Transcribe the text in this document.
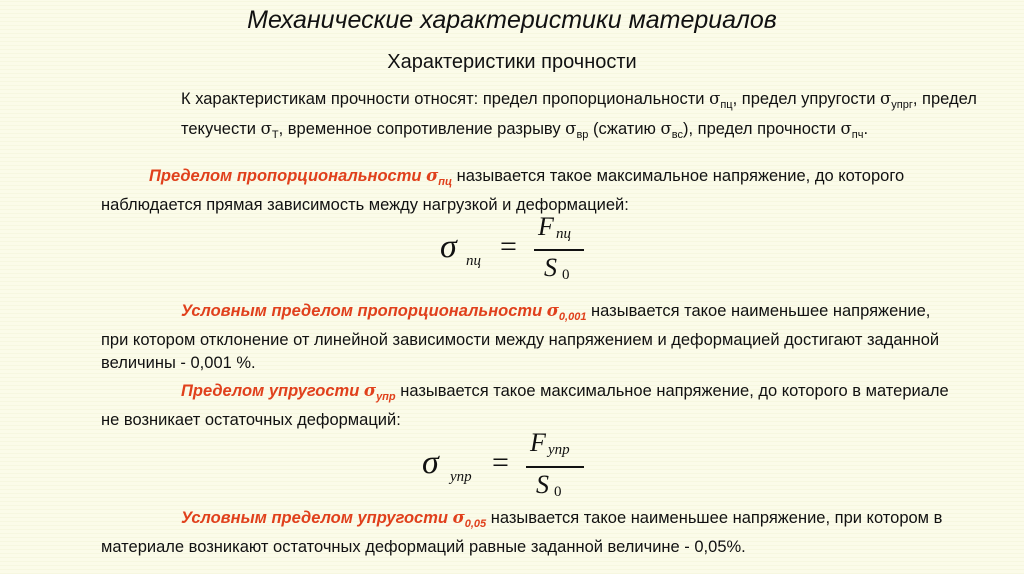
Механические характеристики материалов
Характеристики прочности
К характеристикам прочности относят: предел пропорциональности $\sigma_{пц}$, предел упругости $\sigma_{упрг}$, предел текучести $\sigma_Т$, временное сопротивление разрыву $\sigma_{вр}$ (сжатию $\sigma_{вс}$), предел прочности $\sigma_{пч}$.
Пределом пропорциональности $\sigma_{пц}$ называется такое максимальное напряжение, до которого наблюдается прямая зависимость между нагрузкой и деформацией:
σ пц =
F пц
S 0
Условным пределом пропорциональности $\sigma_{0,001}$ называется такое наименьшее напряжение, при котором отклонение от линейной зависимости между напряжением и деформацией достигают заданной величины - 0,001 %.
Пределом упругости $\sigma_{упр}$ называется такое максимальное напряжение, до которого в материале не возникает остаточных деформаций:
σ упр =
F упр
S 0
Условным пределом упругости $\sigma_{0,05}$ называется такое наименьшее напряжение, при котором в материале возникают остаточных деформаций равные заданной величине - 0,05%.
